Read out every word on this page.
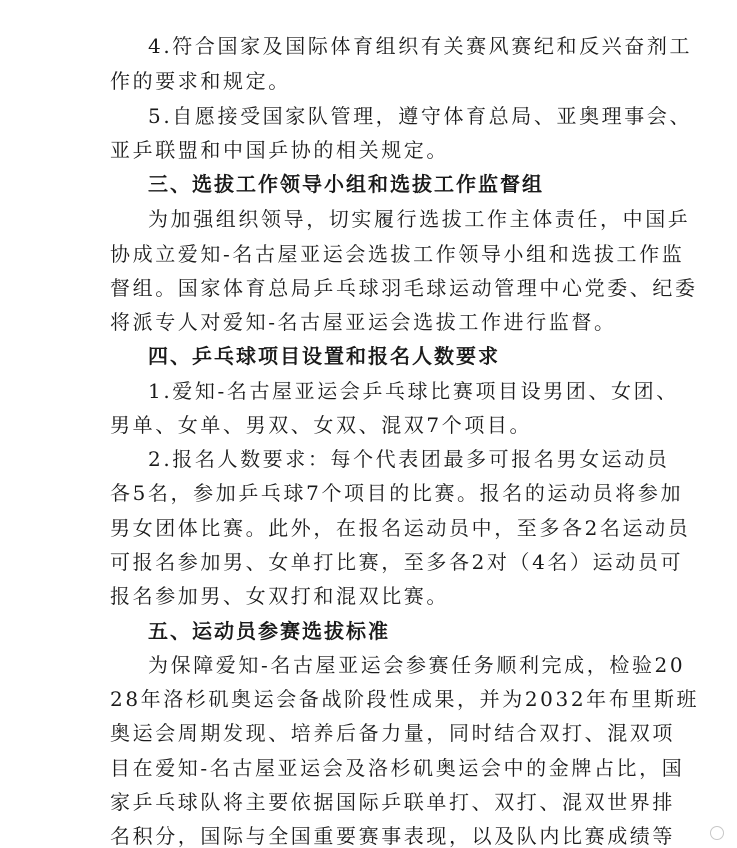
4.符合国家及国际体育组织有关赛风赛纪和反兴奋剂工
作的要求和规定。
5.自愿接受国家队管理，遵守体育总局、亚奥理事会、
亚乒联盟和中国乒协的相关规定。
三、选拔工作领导小组和选拔工作监督组
为加强组织领导，切实履行选拔工作主体责任，中国乒
协成立爱知-名古屋亚运会选拔工作领导小组和选拔工作监
督组。国家体育总局乒乓球羽毛球运动管理中心党委、纪委
将派专人对爱知-名古屋亚运会选拔工作进行监督。
四、乒乓球项目设置和报名人数要求
1.爱知-名古屋亚运会乒乓球比赛项目设男团、女团、
男单、女单、男双、女双、混双7个项目。
2.报名人数要求：每个代表团最多可报名男女运动员
各5名，参加乒乓球7个项目的比赛。报名的运动员将参加
男女团体比赛。此外，在报名运动员中，至多各2名运动员
可报名参加男、女单打比赛，至多各2对（4名）运动员可
报名参加男、女双打和混双比赛。
五、运动员参赛选拔标准
为保障爱知-名古屋亚运会参赛任务顺利完成，检验20
28年洛杉矶奥运会备战阶段性成果，并为2032年布里斯班
奥运会周期发现、培养后备力量，同时结合双打、混双项
目在爱知-名古屋亚运会及洛杉矶奥运会中的金牌占比，国
家乒乓球队将主要依据国际乒联单打、双打、混双世界排
名积分，国际与全国重要赛事表现，以及队内比赛成绩等
